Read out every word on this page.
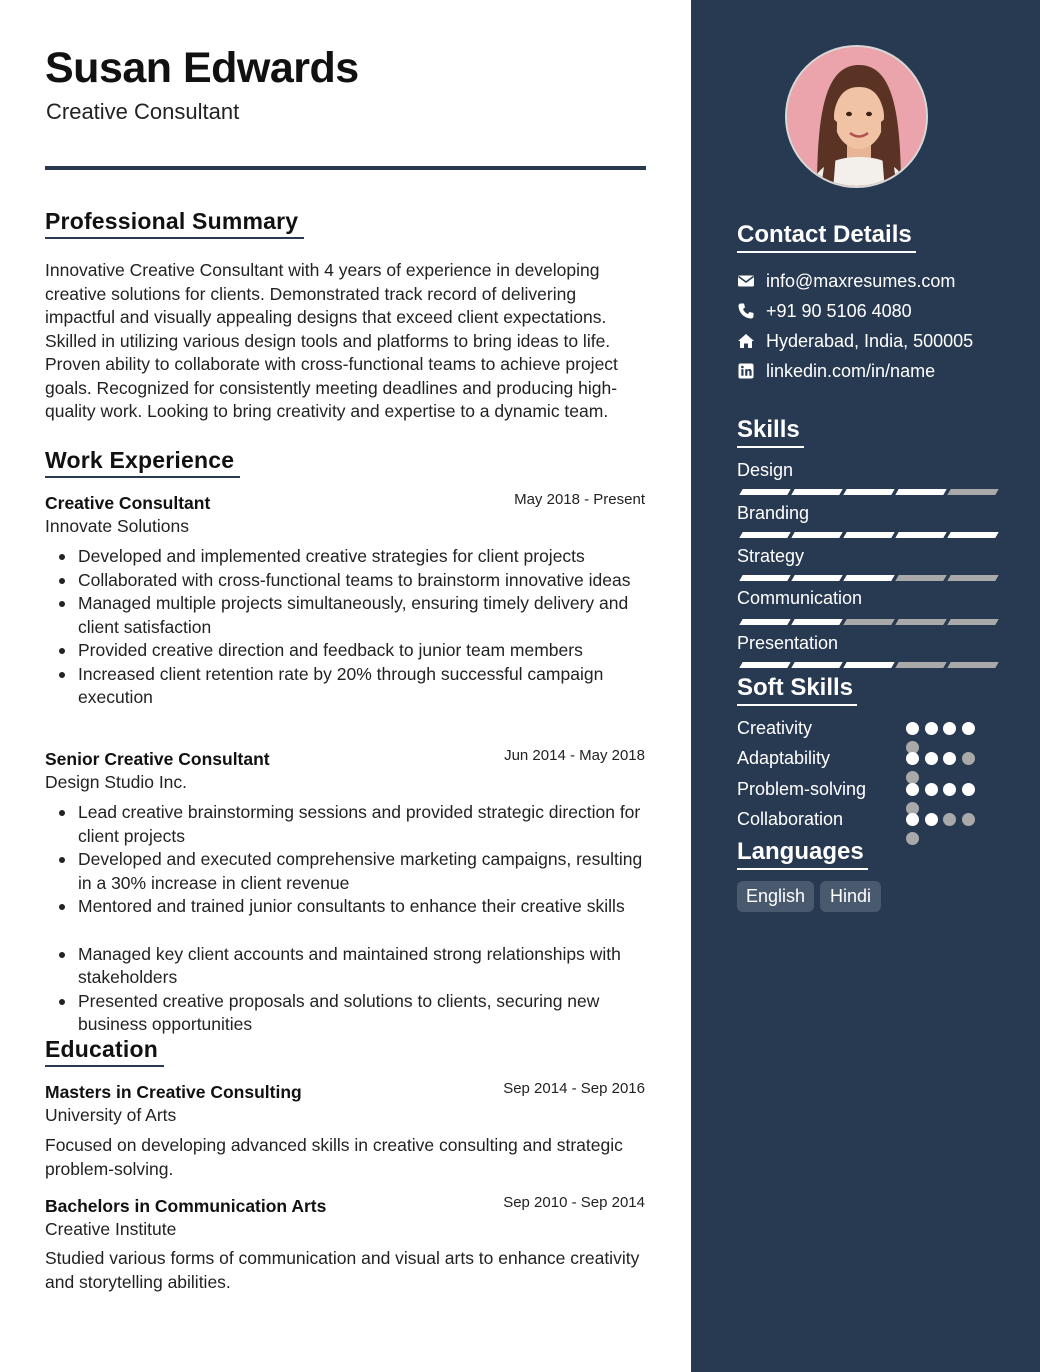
Susan Edwards
Creative Consultant
Professional Summary
Innovative Creative Consultant with 4 years of experience in developing creative solutions for clients. Demonstrated track record of delivering impactful and visually appealing designs that exceed client expectations. Skilled in utilizing various design tools and platforms to bring ideas to life. Proven ability to collaborate with cross-functional teams to achieve project goals. Recognized for consistently meeting deadlines and producing high-quality work. Looking to bring creativity and expertise to a dynamic team.
Work Experience
Creative Consultant	May 2018 - Present
Innovate Solutions
Developed and implemented creative strategies for client projects
Collaborated with cross-functional teams to brainstorm innovative ideas
Managed multiple projects simultaneously, ensuring timely delivery and client satisfaction
Provided creative direction and feedback to junior team members
Increased client retention rate by 20% through successful campaign execution
Senior Creative Consultant	Jun 2014 - May 2018
Design Studio Inc.
Lead creative brainstorming sessions and provided strategic direction for client projects
Developed and executed comprehensive marketing campaigns, resulting in a 30% increase in client revenue
Mentored and trained junior consultants to enhance their creative skills
Managed key client accounts and maintained strong relationships with stakeholders
Presented creative proposals and solutions to clients, securing new business opportunities
Education
Masters in Creative Consulting	Sep 2014 - Sep 2016
University of Arts
Focused on developing advanced skills in creative consulting and strategic problem-solving.
Bachelors in Communication Arts	Sep 2010 - Sep 2014
Creative Institute
Studied various forms of communication and visual arts to enhance creativity and storytelling abilities.
Contact Details
info@maxresumes.com
+91 90 5106 4080
Hyderabad, India, 500005
linkedin.com/in/name
Skills
Design
Branding
Strategy
Communication
Presentation
Soft Skills
Creativity
Adaptability
Problem-solving
Collaboration
Languages
English	Hindi
